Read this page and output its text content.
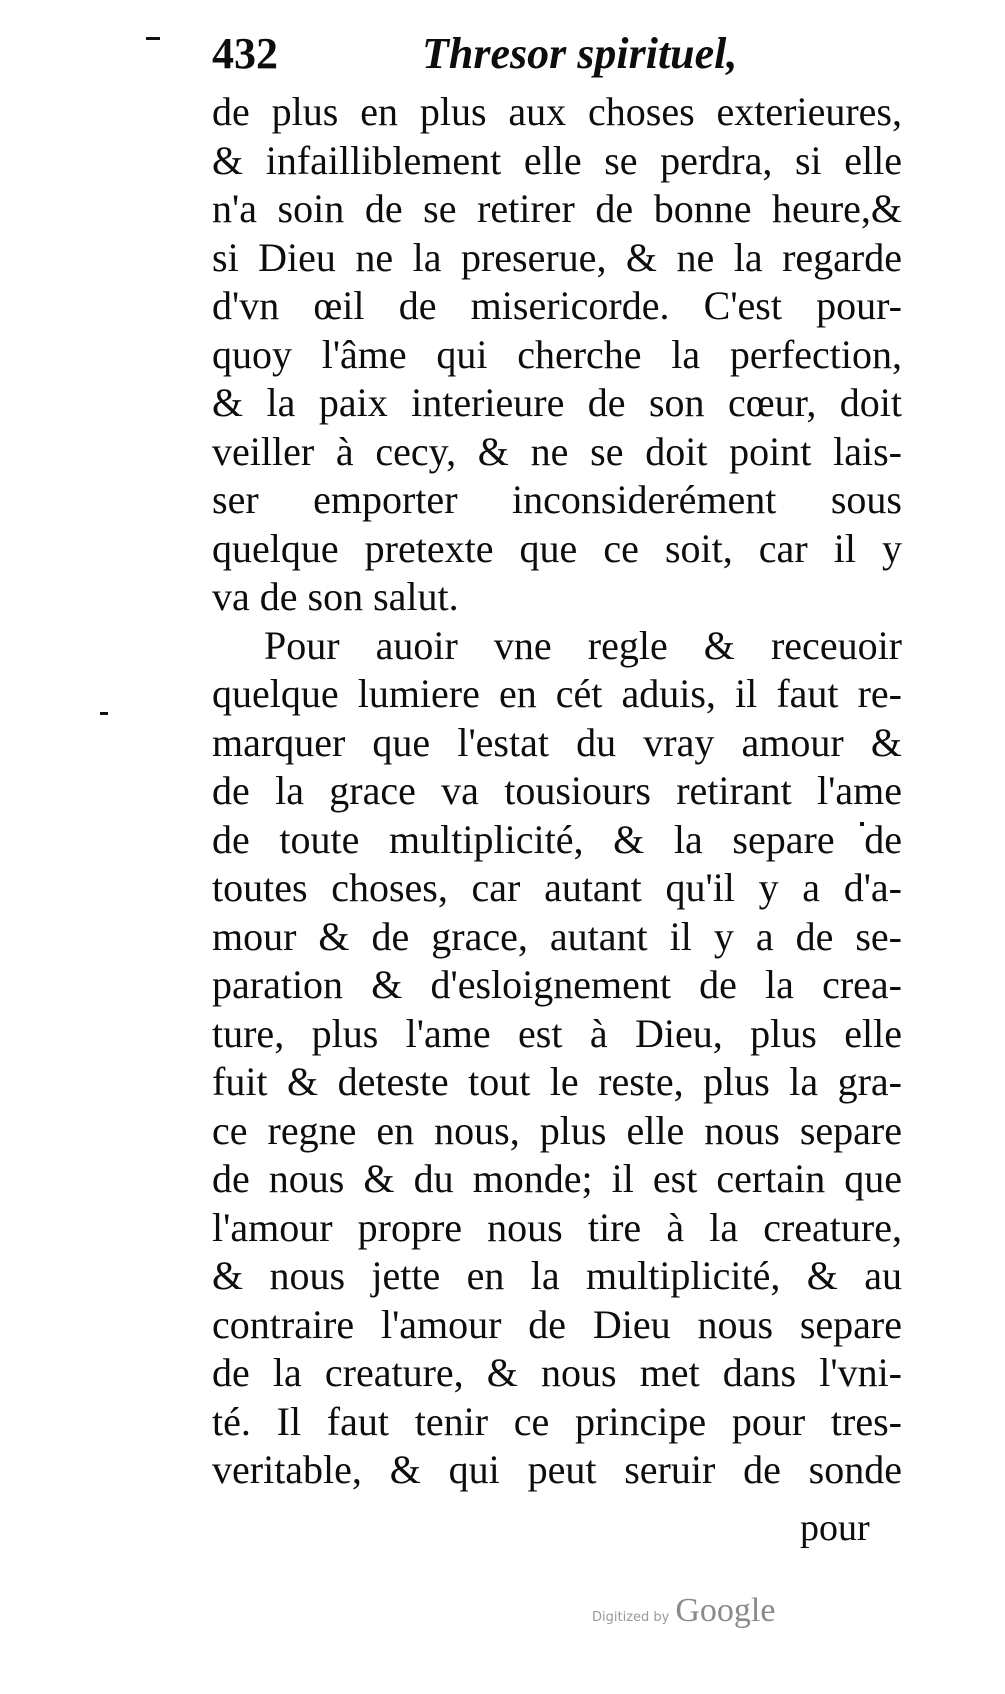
432	Thresor spirituel,
de plus en plus aux choses exterieures,
& infailliblement elle se perdra, si elle
n'a soin de se retirer de bonne heure,&
si Dieu ne la preserue, & ne la regarde
d'vn œil de misericorde. C'est pour-
quoy l'âme qui cherche la perfection,
& la paix interieure de son cœur, doit
veiller à cecy, & ne se doit point lais-
ser emporter inconsiderément sous
quelque pretexte que ce soit, car il y
va de son salut.
Pour auoir vne regle & receuoir
quelque lumiere en cét aduis, il faut re-
marquer que l'estat du vray amour &
de la grace va tousiours retirant l'ame
de toute multiplicité, & la separe de
toutes choses, car autant qu'il y a d'a-
mour & de grace, autant il y a de se-
paration & d'esloignement de la crea-
ture, plus l'ame est à Dieu, plus elle
fuit & deteste tout le reste, plus la gra-
ce regne en nous, plus elle nous separe
de nous & du monde; il est certain que
l'amour propre nous tire à la creature,
& nous jette en la multiplicité, & au
contraire l'amour de Dieu nous separe
de la creature, & nous met dans l'vni-
té. Il faut tenir ce principe pour tres-
veritable, & qui peut seruir de sonde
pour
Digitized by Google
